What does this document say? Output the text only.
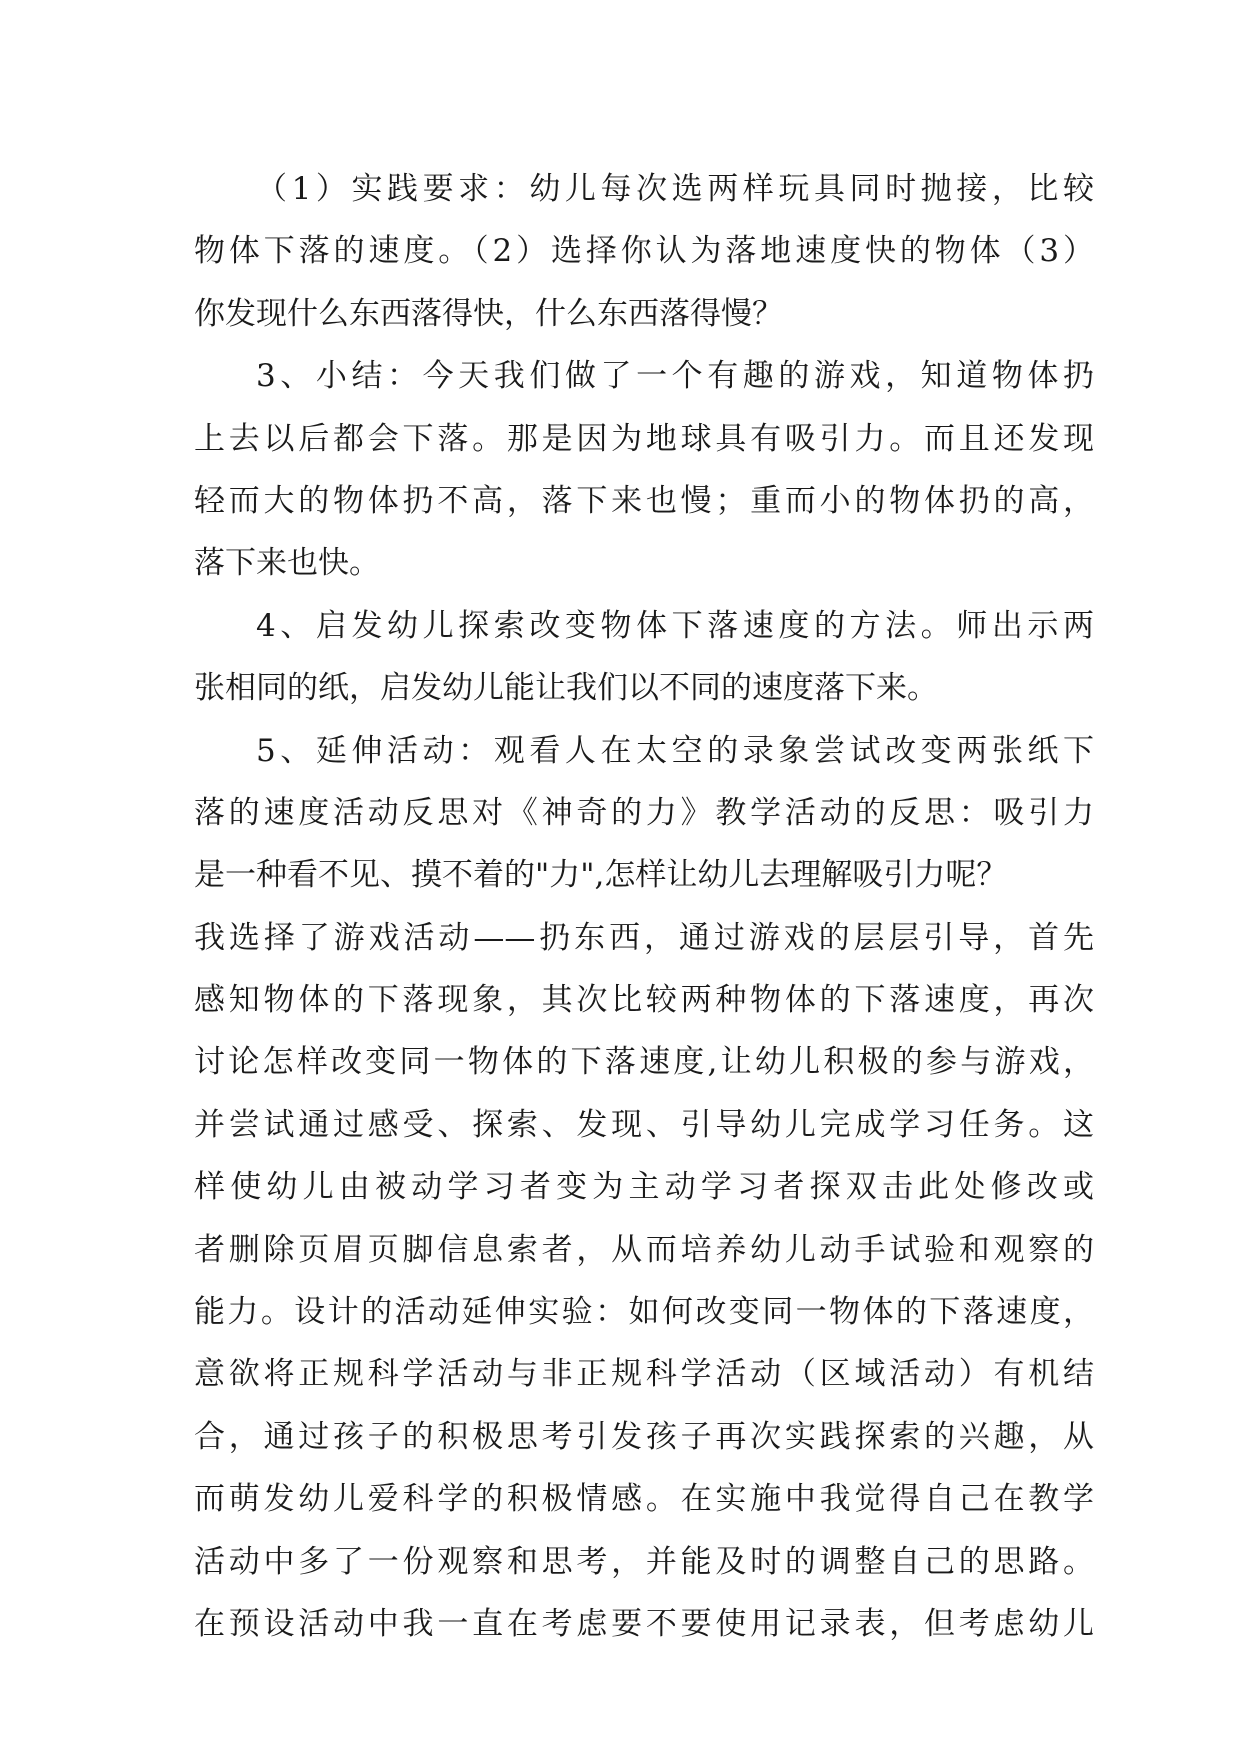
（1）实践要求：幼儿每次选两样玩具同时抛接，比较
物体下落的速度。（2）选择你认为落地速度快的物体（3）
你发现什么东西落得快，什么东西落得慢？
3、小结：今天我们做了一个有趣的游戏，知道物体扔
上去以后都会下落。那是因为地球具有吸引力。而且还发现
轻而大的物体扔不高，落下来也慢；重而小的物体扔的高，
落下来也快。
4、启发幼儿探索改变物体下落速度的方法。师出示两
张相同的纸，启发幼儿能让我们以不同的速度落下来。
5、延伸活动：观看人在太空的录象尝试改变两张纸下
落的速度活动反思对《神奇的力》教学活动的反思：吸引力
是一种看不见、摸不着的"力",怎样让幼儿去理解吸引力呢？
我选择了游戏活动——扔东西，通过游戏的层层引导，首先
感知物体的下落现象，其次比较两种物体的下落速度，再次
讨论怎样改变同一物体的下落速度,让幼儿积极的参与游戏，
并尝试通过感受、探索、发现、引导幼儿完成学习任务。这
样使幼儿由被动学习者变为主动学习者探双击此处修改或
者删除页眉页脚信息索者，从而培养幼儿动手试验和观察的
能力。设计的活动延伸实验：如何改变同一物体的下落速度，
意欲将正规科学活动与非正规科学活动（区域活动）有机结
合，通过孩子的积极思考引发孩子再次实践探索的兴趣，从
而萌发幼儿爱科学的积极情感。在实施中我觉得自己在教学
活动中多了一份观察和思考，并能及时的调整自己的思路。
在预设活动中我一直在考虑要不要使用记录表，但考虑幼儿
